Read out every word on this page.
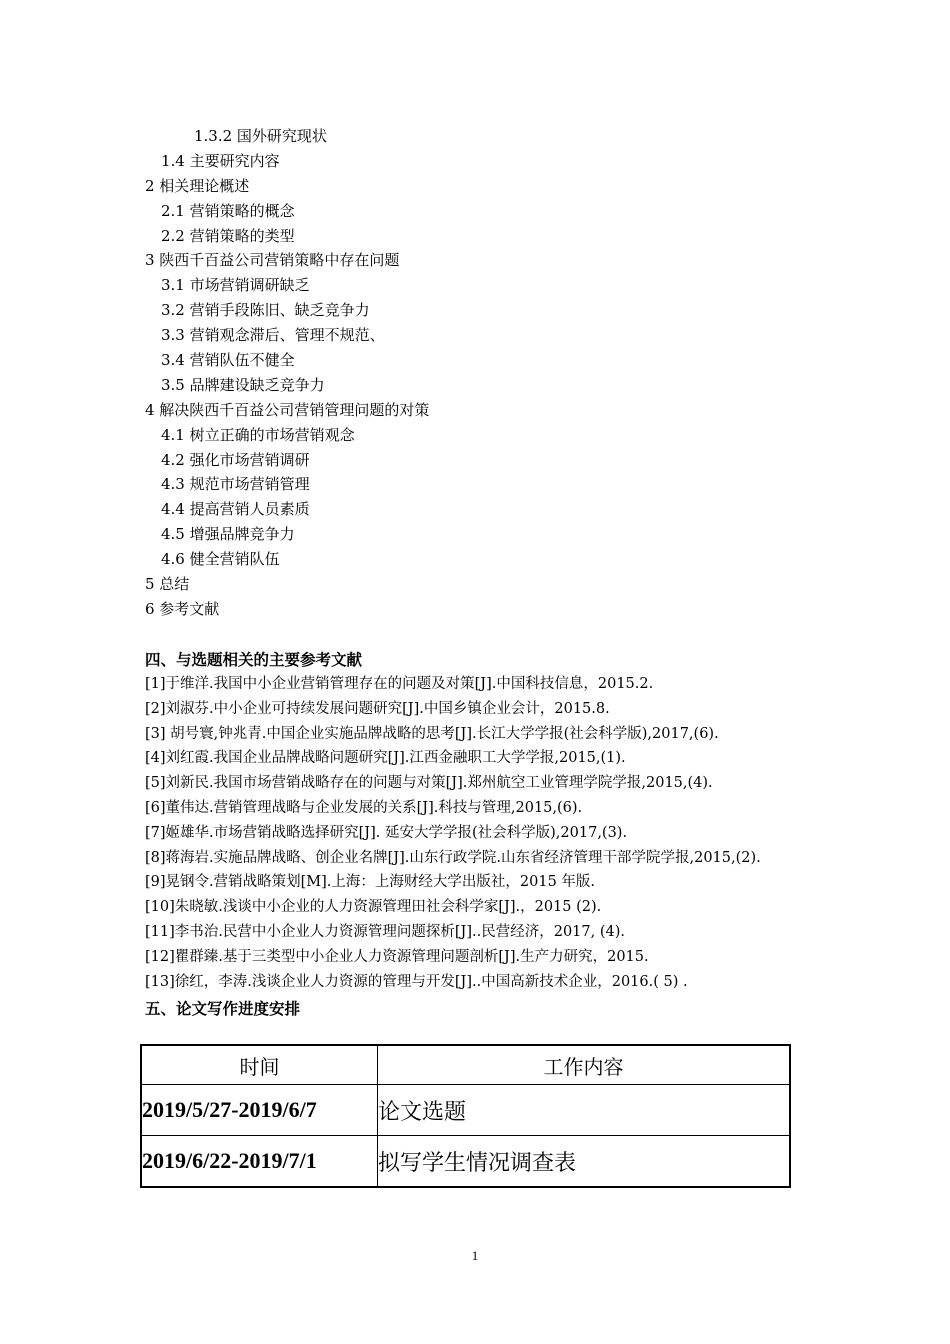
1.3.2 国外研究现状
1.4 主要研究内容
2 相关理论概述
2.1 营销策略的概念
2.2 营销策略的类型
3 陕西千百益公司营销策略中存在问题
3.1 市场营销调研缺乏
3.2 营销手段陈旧、缺乏竞争力
3.3 营销观念滞后、管理不规范、
3.4 营销队伍不健全
3.5 品牌建设缺乏竞争力
4 解决陕西千百益公司营销管理问题的对策
4.1 树立正确的市场营销观念
4.2 强化市场营销调研
4.3 规范市场营销管理
4.4 提高营销人员素质
4.5 增强品牌竞争力
4.6 健全营销队伍
5 总结
6 参考文献
四、与选题相关的主要参考文献
[1]于维洋.我国中小企业营销管理存在的问题及对策[J].中国科技信息，2015.2.
[2]刘淑芬.中小企业可持续发展问题研究[J].中国乡镇企业会计，2015.8.
[3] 胡号寰,钟兆青.中国企业实施品牌战略的思考[J].长江大学学报(社会科学版),2017,(6).
[4]刘红霞.我国企业品牌战略问题研究[J].江西金融职工大学学报,2015,(1).
[5]刘新民.我国市场营销战略存在的问题与对策[J].郑州航空工业管理学院学报,2015,(4).
[6]董伟达.营销管理战略与企业发展的关系[J].科技与管理,2015,(6).
[7]姬雄华.市场营销战略选择研究[J]. 延安大学学报(社会科学版),2017,(3).
[8]蒋海岩.实施品牌战略、创企业名牌[J].山东行政学院.山东省经济管理干部学院学报,2015,(2).
[9]晃钢令.营销战略策划[M].上海：上海财经大学出版社，2015 年版.
[10]朱晓敏.浅谈中小企业的人力资源管理田社会科学家[J].，2015 (2).
[11]李书治.民营中小企业人力资源管理问题探析[J]..民营经济，2017, (4).
[12]瞿群臻.基于三类型中小企业人力资源管理问题剖析[J].生产力研究，2015.
[13]徐红，李涛.浅谈企业人力资源的管理与开发[J]..中国高新技术企业，2016.( 5) .
五、论文写作进度安排
时间	工作内容
2019/5/27-2019/6/7	论文选题
2019/6/22-2019/7/1	拟写学生情况调查表
1
